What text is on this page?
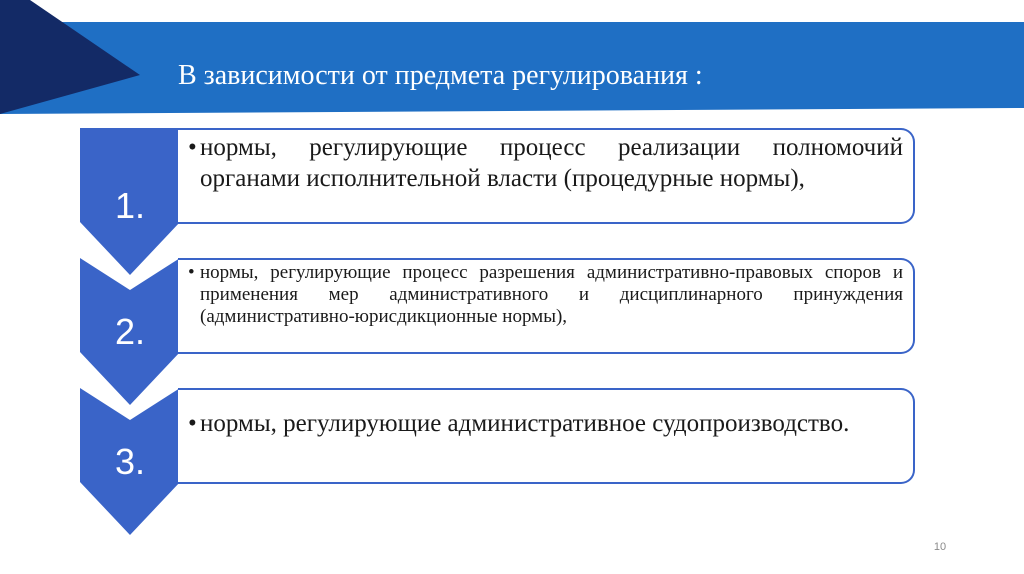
В зависимости от предмета регулирования :
1.
2.
3.
• нормы, регулирующие процесс реализации полномочий органами исполнительной власти (процедурные нормы),
• нормы, регулирующие процесс разрешения административно-правовых споров и применения мер административного и дисциплинарного принуждения (административно-юрисдикционные нормы),
• нормы, регулирующие административное судопроизводство.
10
